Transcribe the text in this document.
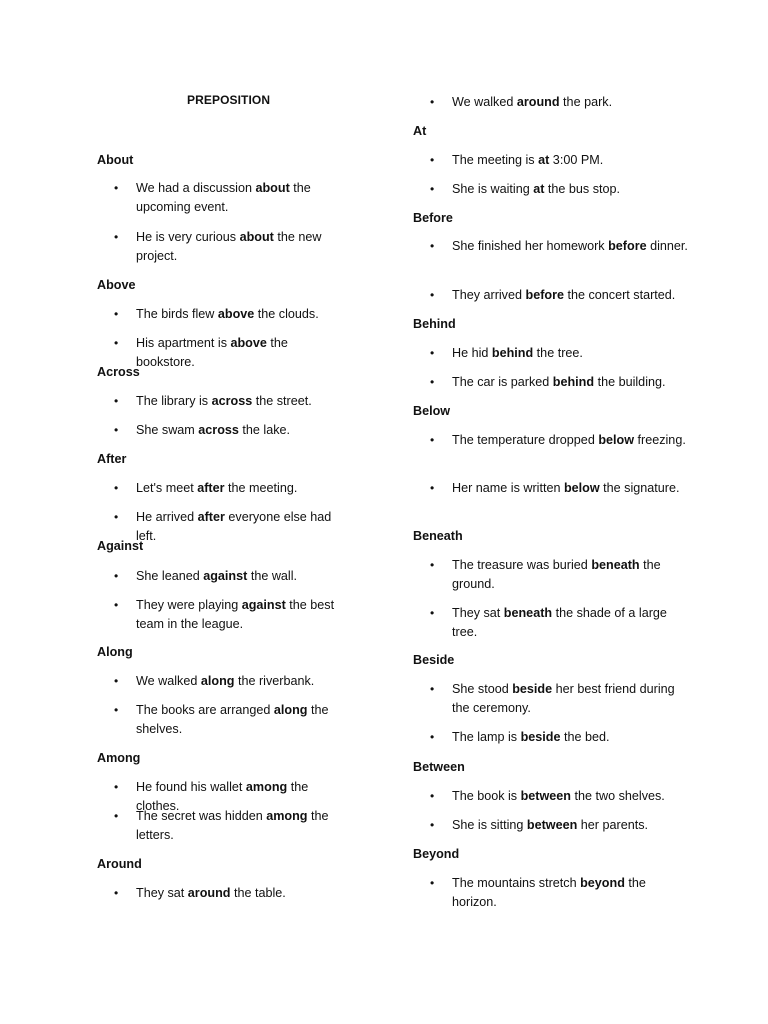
PREPOSITION
About
• We had a discussion about the upcoming event.
• He is very curious about the new project.
Above
• The birds flew above the clouds.
• His apartment is above the bookstore.
Across
• The library is across the street.
• She swam across the lake.
After
• Let's meet after the meeting.
• He arrived after everyone else had left.
Against
• She leaned against the wall.
• They were playing against the best team in the league.
Along
• We walked along the riverbank.
• The books are arranged along the shelves.
Among
• He found his wallet among the clothes.
• The secret was hidden among the letters.
Around
• They sat around the table.
• We walked around the park.
At
• The meeting is at 3:00 PM.
• She is waiting at the bus stop.
Before
• She finished her homework before dinner.
• They arrived before the concert started.
Behind
• He hid behind the tree.
• The car is parked behind the building.
Below
• The temperature dropped below freezing.
• Her name is written below the signature.
Beneath
• The treasure was buried beneath the ground.
• They sat beneath the shade of a large tree.
Beside
• She stood beside her best friend during the ceremony.
• The lamp is beside the bed.
Between
• The book is between the two shelves.
• She is sitting between her parents.
Beyond
• The mountains stretch beyond the horizon.
